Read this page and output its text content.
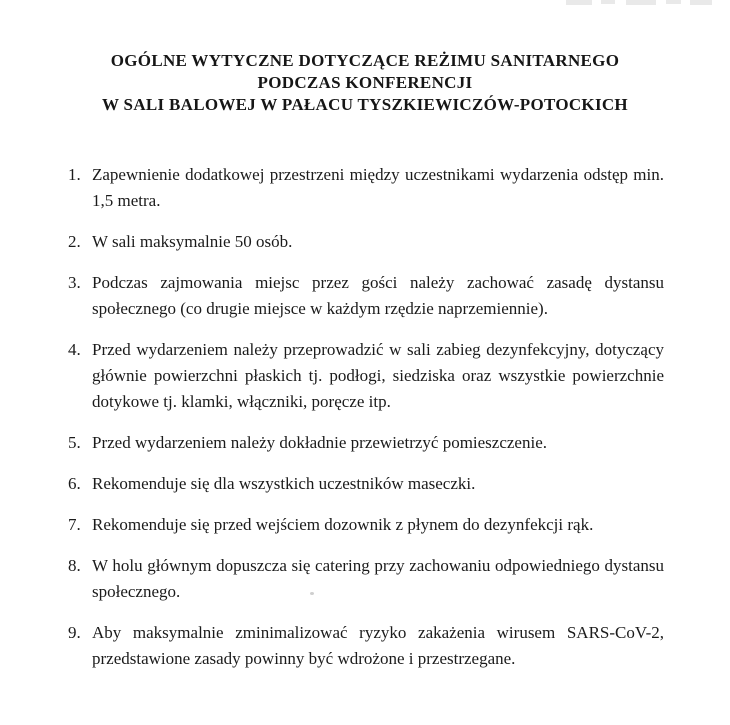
OGÓLNE WYTYCZNE DOTYCZĄCE REŻIMU SANITARNEGO
PODCZAS KONFERENCJI
W SALI BALOWEJ W PAŁACU TYSZKIEWICZÓW-POTOCKICH
1. Zapewnienie dodatkowej przestrzeni między uczestnikami wydarzenia odstęp min. 1,5 metra.
2. W sali maksymalnie 50 osób.
3. Podczas zajmowania miejsc przez gości należy zachować zasadę dystansu społecznego (co drugie miejsce w każdym rzędzie naprzemiennie).
4. Przed wydarzeniem należy przeprowadzić w sali zabieg dezynfekcyjny, dotyczący głównie powierzchni płaskich tj. podłogi, siedziska oraz wszystkie powierzchnie dotykowe tj. klamki, włączniki, poręcze itp.
5. Przed wydarzeniem należy dokładnie przewietrzyć pomieszczenie.
6. Rekomenduje się dla wszystkich uczestników maseczki.
7. Rekomenduje się przed wejściem dozownik z płynem do dezynfekcji rąk.
8. W holu głównym dopuszcza się catering przy zachowaniu odpowiedniego dystansu społecznego.
9. Aby maksymalnie zminimalizować ryzyko zakażenia wirusem SARS-CoV-2, przedstawione zasady powinny być wdrożone i przestrzegane.
